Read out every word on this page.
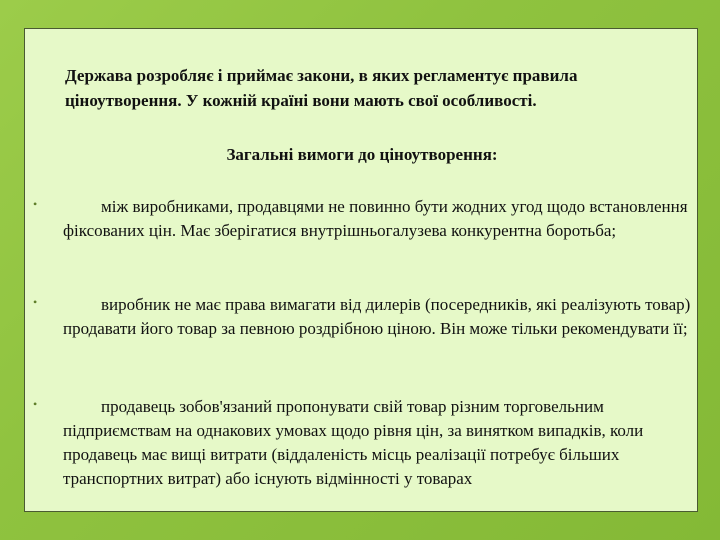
Держава розробляє і приймає закони, в яких регламентує правила ціноутворення. У кожній країні вони мають свої особливості.

Загальні вимоги до ціноутворення:

•	між виробниками, продавцями не повинно бути жодних угод щодо встановлення фіксованих цін. Має зберігатися внутрішньогалузева конкурентна боротьба;

•	виробник не має права вимагати від дилерів (посередників, які реалізують товар) продавати його товар за певною роздрібною ціною. Він може тільки рекомендувати її;

•	продавець зобов'язаний пропонувати свій товар різним торговельним підприємствам на однакових умовах щодо рівня цін, за винятком випадків, коли продавець має вищі витрати (віддаленість місць реалізації потребує більших транспортних витрат) або існують відмінності у товарах
